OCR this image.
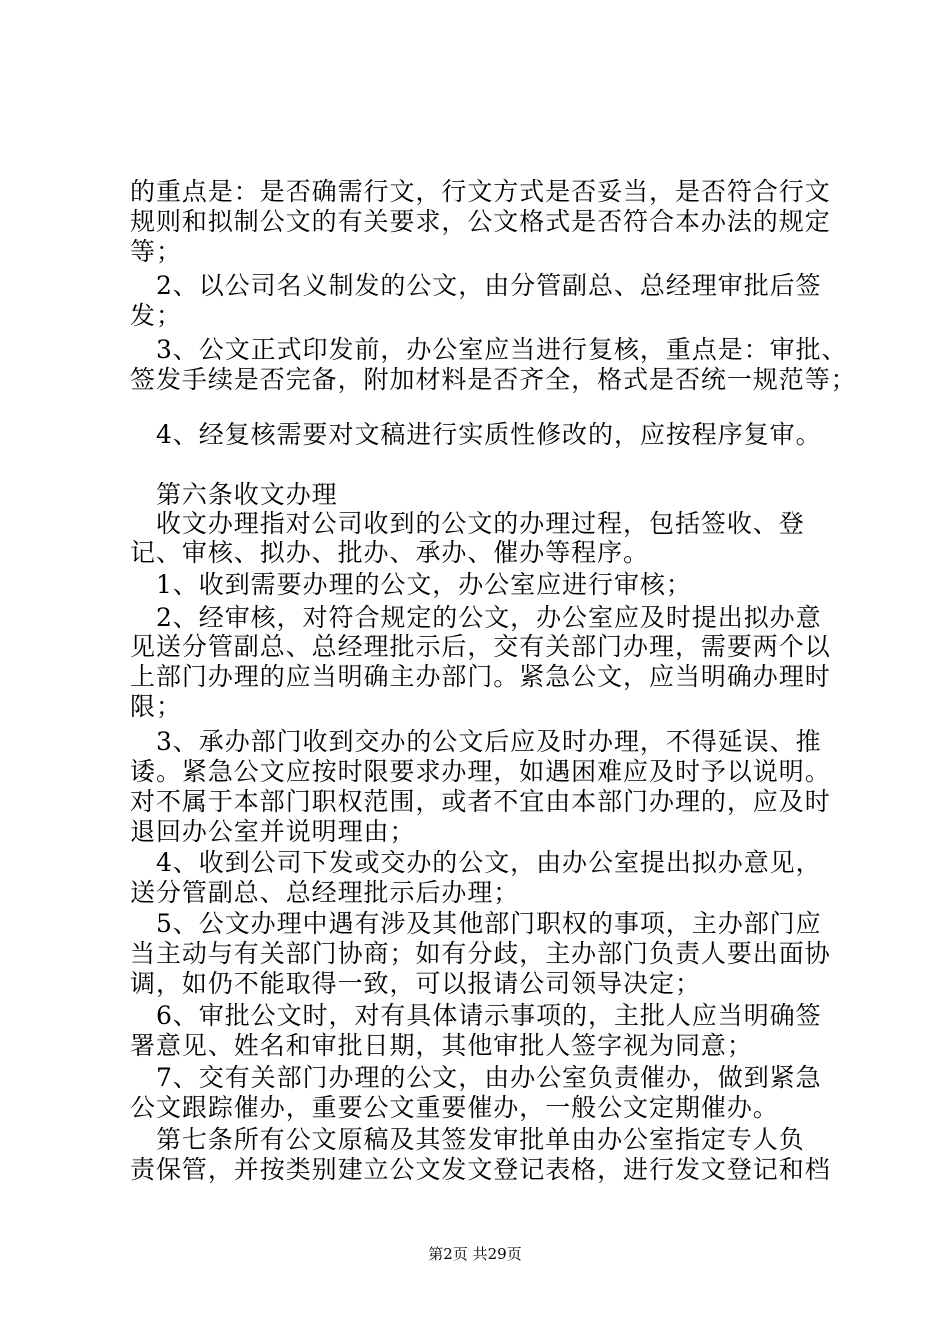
的重点是：是否确需行文，行文方式是否妥当，是否符合行文
规则和拟制公文的有关要求，公文格式是否符合本办法的规定
等；
　2、以公司名义制发的公文，由分管副总、总经理审批后签
发；
　3、公文正式印发前，办公室应当进行复核，重点是：审批、
签发手续是否完备，附加材料是否齐全，格式是否统一规范等；
　4、经复核需要对文稿进行实质性修改的，应按程序复审。
　第六条收文办理
　收文办理指对公司收到的公文的办理过程，包括签收、登
记、审核、拟办、批办、承办、催办等程序。
　1、收到需要办理的公文，办公室应进行审核；
　2、经审核，对符合规定的公文，办公室应及时提出拟办意
见送分管副总、总经理批示后，交有关部门办理，需要两个以
上部门办理的应当明确主办部门。紧急公文，应当明确办理时
限；
　3、承办部门收到交办的公文后应及时办理，不得延误、推
诿。紧急公文应按时限要求办理，如遇困难应及时予以说明。
对不属于本部门职权范围，或者不宜由本部门办理的，应及时
退回办公室并说明理由；
　4、收到公司下发或交办的公文，由办公室提出拟办意见，
送分管副总、总经理批示后办理；
　5、公文办理中遇有涉及其他部门职权的事项，主办部门应
当主动与有关部门协商；如有分歧，主办部门负责人要出面协
调，如仍不能取得一致，可以报请公司领导决定；
　6、审批公文时，对有具体请示事项的，主批人应当明确签
署意见、姓名和审批日期，其他审批人签字视为同意；
　7、交有关部门办理的公文，由办公室负责催办，做到紧急
公文跟踪催办，重要公文重要催办，一般公文定期催办。
　第七条所有公文原稿及其签发审批单由办公室指定专人负
责保管，并按类别建立公文发文登记表格，进行发文登记和档
第2页 共29页
